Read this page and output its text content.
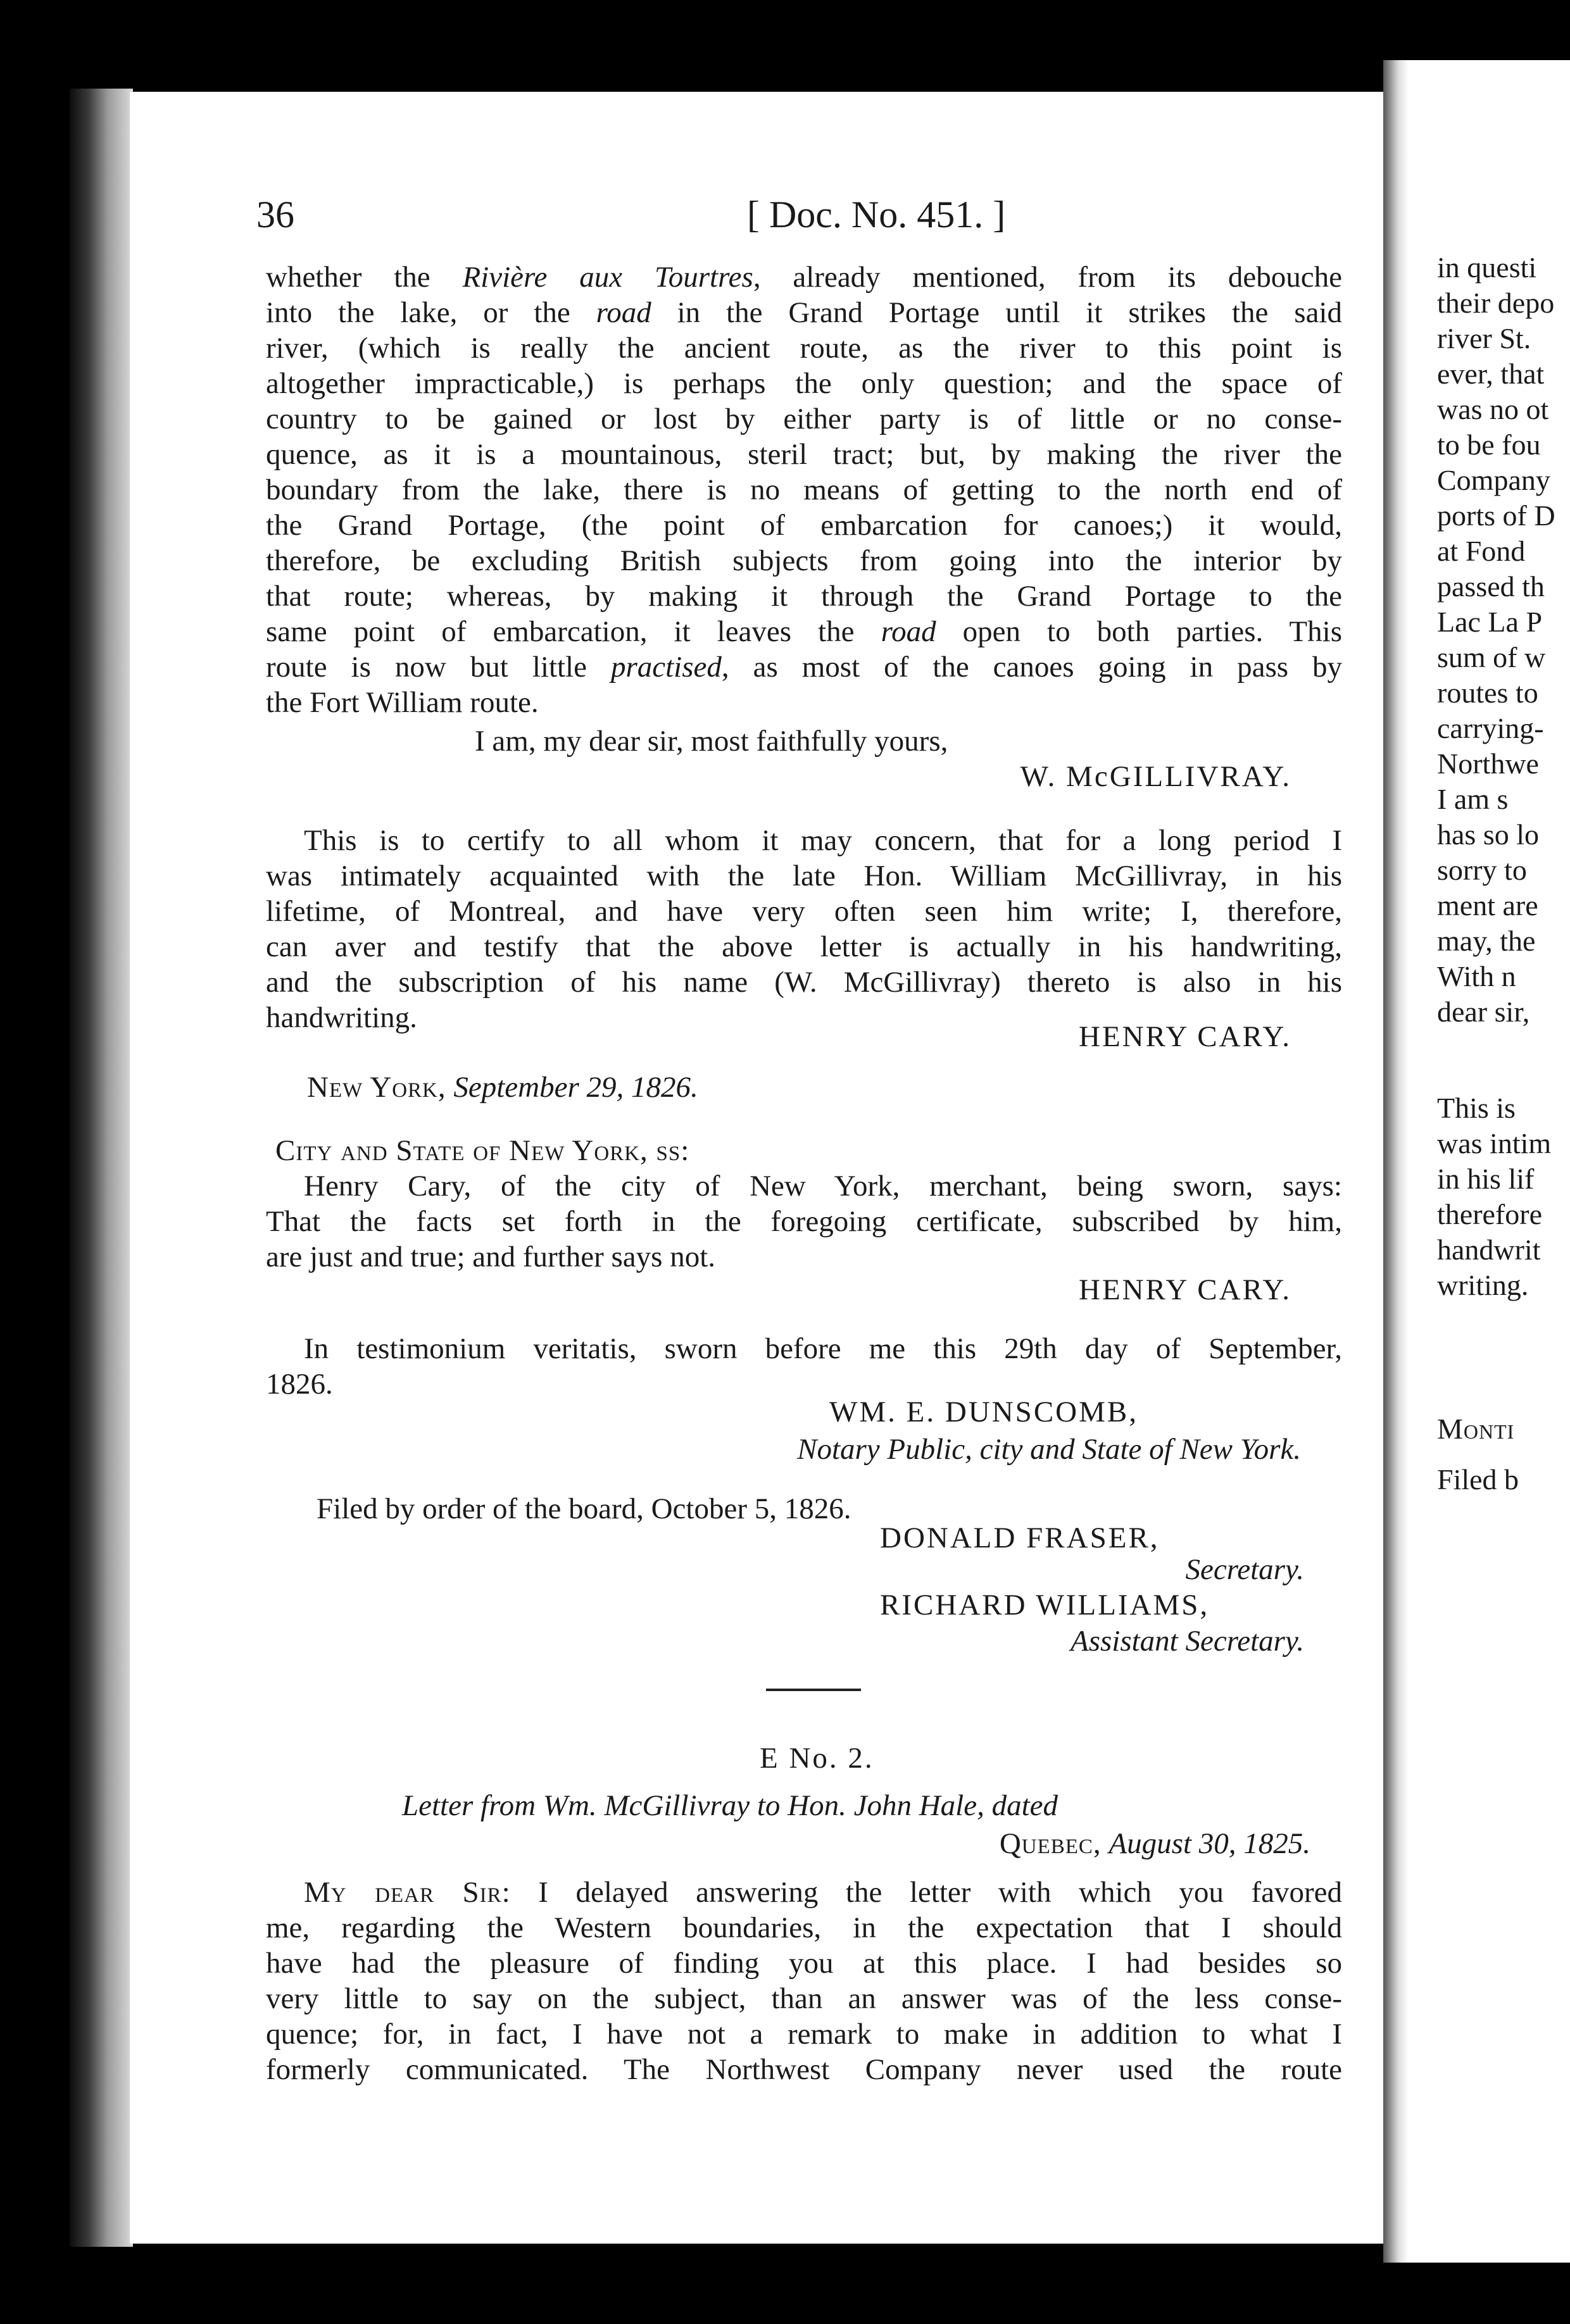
36	[ Doc. No. 451. ]
whether the Rivière aux Tourtres, already mentioned, from its debouche
into the lake, or the road in the Grand Portage until it strikes the said
river, (which is really the ancient route, as the river to this point is
altogether impracticable,) is perhaps the only question; and the space of
country to be gained or lost by either party is of little or no conse-
quence, as it is a mountainous, steril tract; but, by making the river the
boundary from the lake, there is no means of getting to the north end of
the Grand Portage, (the point of embarcation for canoes;) it would,
therefore, be excluding British subjects from going into the interior by
that route; whereas, by making it through the Grand Portage to the
same point of embarcation, it leaves the road open to both parties. This
route is now but little practised, as most of the canoes going in pass by
the Fort William route.
I am, my dear sir, most faithfully yours,
W. McGILLIVRAY.
This is to certify to all whom it may concern, that for a long period I
was intimately acquainted with the late Hon. William McGillivray, in his
lifetime, of Montreal, and have very often seen him write; I, therefore,
can aver and testify that the above letter is actually in his handwriting,
and the subscription of his name (W. McGillivray) thereto is also in his
handwriting.
HENRY CARY.
New York, September 29, 1826.
City and State of New York, ss:
Henry Cary, of the city of New York, merchant, being sworn, says:
That the facts set forth in the foregoing certificate, subscribed by him,
are just and true; and further says not.
HENRY CARY.
In testimonium veritatis, sworn before me this 29th day of September,
1826.
WM. E. DUNSCOMB,
Notary Public, city and State of New York.
Filed by order of the board, October 5, 1826.
DONALD FRASER,
Secretary.
RICHARD WILLIAMS,
Assistant Secretary.
E No. 2.
Letter from Wm. McGillivray to Hon. John Hale, dated
Quebec, August 30, 1825.
My dear Sir: I delayed answering the letter with which you favored
me, regarding the Western boundaries, in the expectation that I should
have had the pleasure of finding you at this place. I had besides so
very little to say on the subject, than an answer was of the less conse-
quence; for, in fact, I have not a remark to make in addition to what I
formerly communicated. The Northwest Company never used the route
in questi
their depo
river St.
ever, that
was no ot
to be fou
Company
ports of D
at Fond
passed th
Lac La P
sum of w
routes to
carrying-
Northwe
I am s
has so lo
sorry to
ment are
may, the
With n
dear sir,
This is
was intim
in his lif
therefore
handwrit
writing.
Monti
Filed b
